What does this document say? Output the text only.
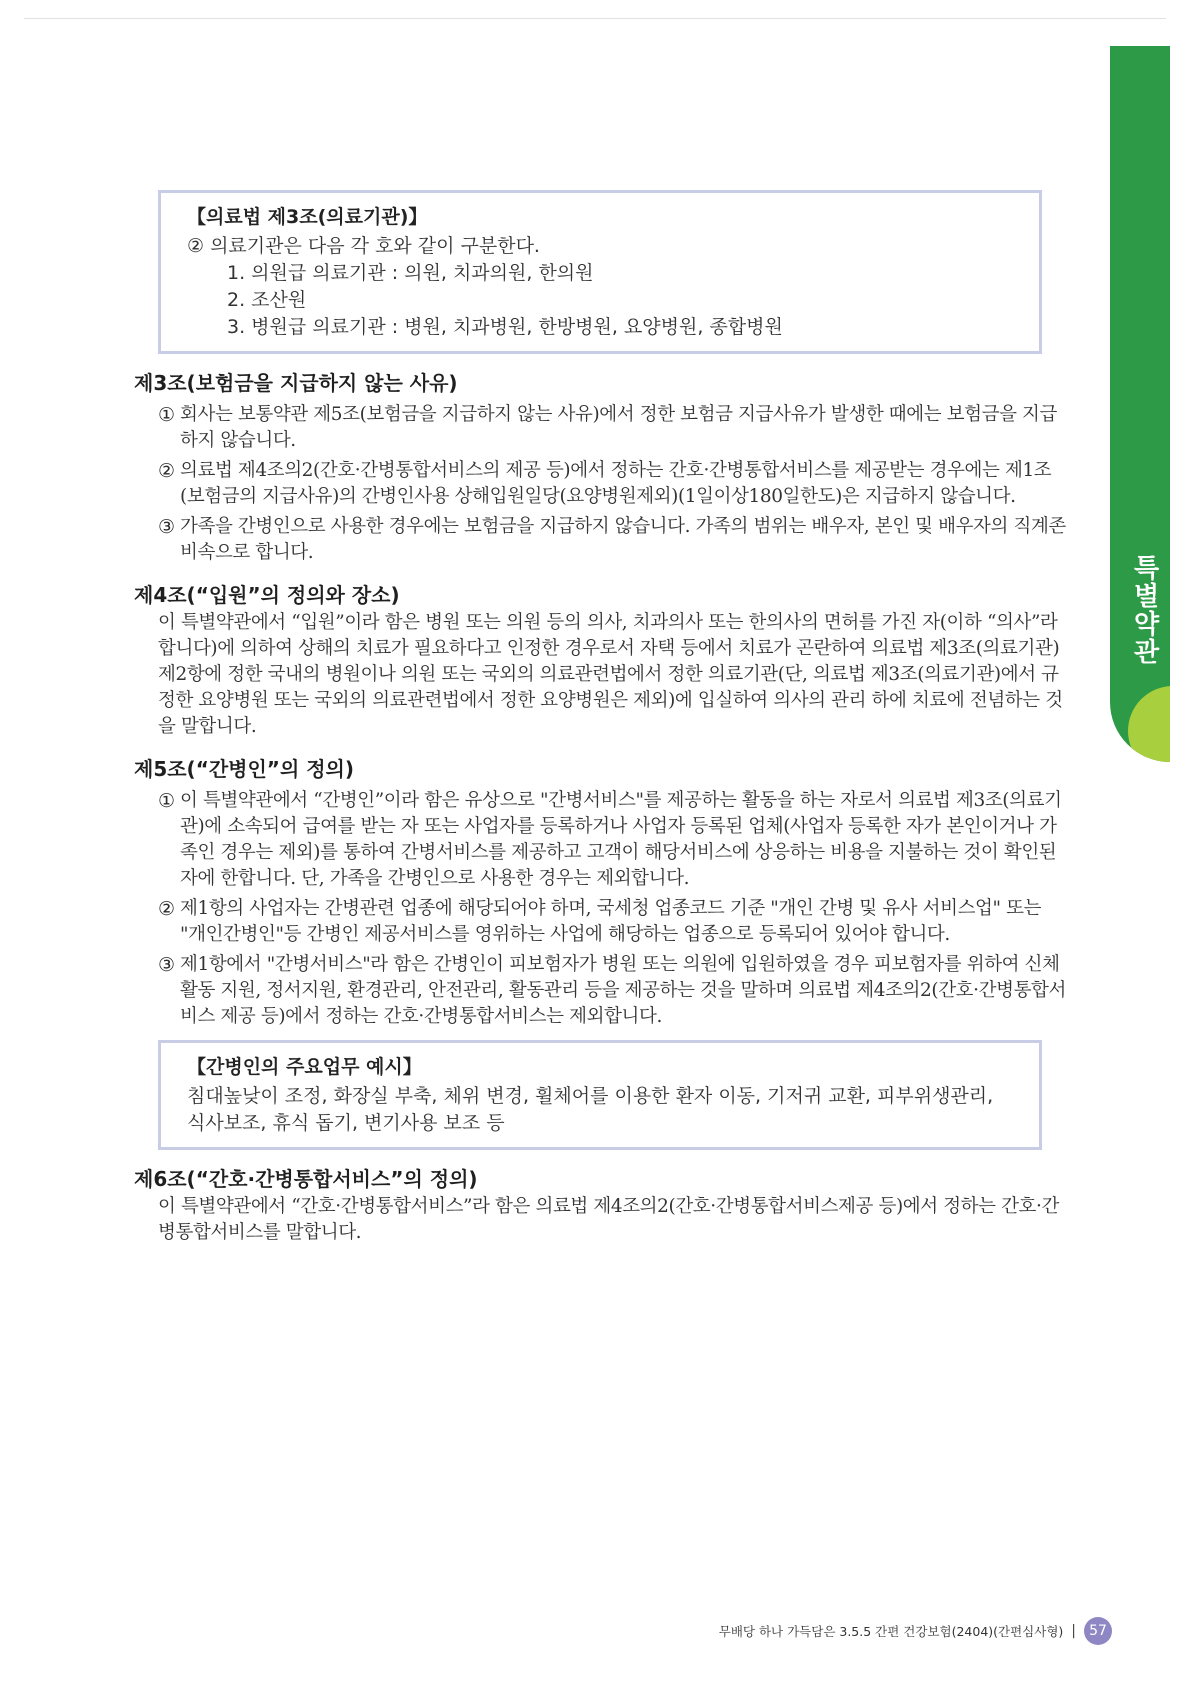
특별약관
【의료법 제3조(의료기관)】
② 의료기관은 다음 각 호와 같이 구분한다.
1. 의원급 의료기관 : 의원, 치과의원, 한의원
2. 조산원
3. 병원급 의료기관 : 병원, 치과병원, 한방병원, 요양병원, 종합병원
제3조(보험금을 지급하지 않는 사유)
① 회사는 보통약관 제5조(보험금을 지급하지 않는 사유)에서 정한 보험금 지급사유가 발생한 때에는 보험금을 지급하지 않습니다.
② 의료법 제4조의2(간호·간병통합서비스의 제공 등)에서 정하는 간호·간병통합서비스를 제공받는 경우에는 제1조(보험금의 지급사유)의 간병인사용 상해입원일당(요양병원제외)(1일이상180일한도)은 지급하지 않습니다.
③ 가족을 간병인으로 사용한 경우에는 보험금을 지급하지 않습니다. 가족의 범위는 배우자, 본인 및 배우자의 직계존비속으로 합니다.
제4조(“입원”의 정의와 장소)
이 특별약관에서 “입원”이라 함은 병원 또는 의원 등의 의사, 치과의사 또는 한의사의 면허를 가진 자(이하 “의사”라 합니다)에 의하여 상해의 치료가 필요하다고 인정한 경우로서 자택 등에서 치료가 곤란하여 의료법 제3조(의료기관) 제2항에 정한 국내의 병원이나 의원 또는 국외의 의료관련법에서 정한 의료기관(단, 의료법 제3조(의료기관)에서 규정한 요양병원 또는 국외의 의료관련법에서 정한 요양병원은 제외)에 입실하여 의사의 관리 하에 치료에 전념하는 것을 말합니다.
제5조(“간병인”의 정의)
① 이 특별약관에서 “간병인”이라 함은 유상으로 "간병서비스"를 제공하는 활동을 하는 자로서 의료법 제3조(의료기관)에 소속되어 급여를 받는 자 또는 사업자를 등록하거나 사업자 등록된 업체(사업자 등록한 자가 본인이거나 가족인 경우는 제외)를 통하여 간병서비스를 제공하고 고객이 해당서비스에 상응하는 비용을 지불하는 것이 확인된 자에 한합니다. 단, 가족을 간병인으로 사용한 경우는 제외합니다.
② 제1항의 사업자는 간병관련 업종에 해당되어야 하며, 국세청 업종코드 기준 "개인 간병 및 유사 서비스업" 또는 "개인간병인"등 간병인 제공서비스를 영위하는 사업에 해당하는 업종으로 등록되어 있어야 합니다.
③ 제1항에서 "간병서비스"라 함은 간병인이 피보험자가 병원 또는 의원에 입원하였을 경우 피보험자를 위하여 신체활동 지원, 정서지원, 환경관리, 안전관리, 활동관리 등을 제공하는 것을 말하며 의료법 제4조의2(간호·간병통합서비스 제공 등)에서 정하는 간호·간병통합서비스는 제외합니다.
【간병인의 주요업무 예시】
침대높낮이 조정, 화장실 부축, 체위 변경, 휠체어를 이용한 환자 이동, 기저귀 교환, 피부위생관리, 식사보조, 휴식 돕기, 변기사용 보조 등
제6조(“간호·간병통합서비스”의 정의)
이 특별약관에서 “간호·간병통합서비스”라 함은 의료법 제4조의2(간호·간병통합서비스제공 등)에서 정하는 간호·간병통합서비스를 말합니다.
무배당 하나 가득담은 3.5.5 간편 건강보험(2404)(간편심사형) | 57
